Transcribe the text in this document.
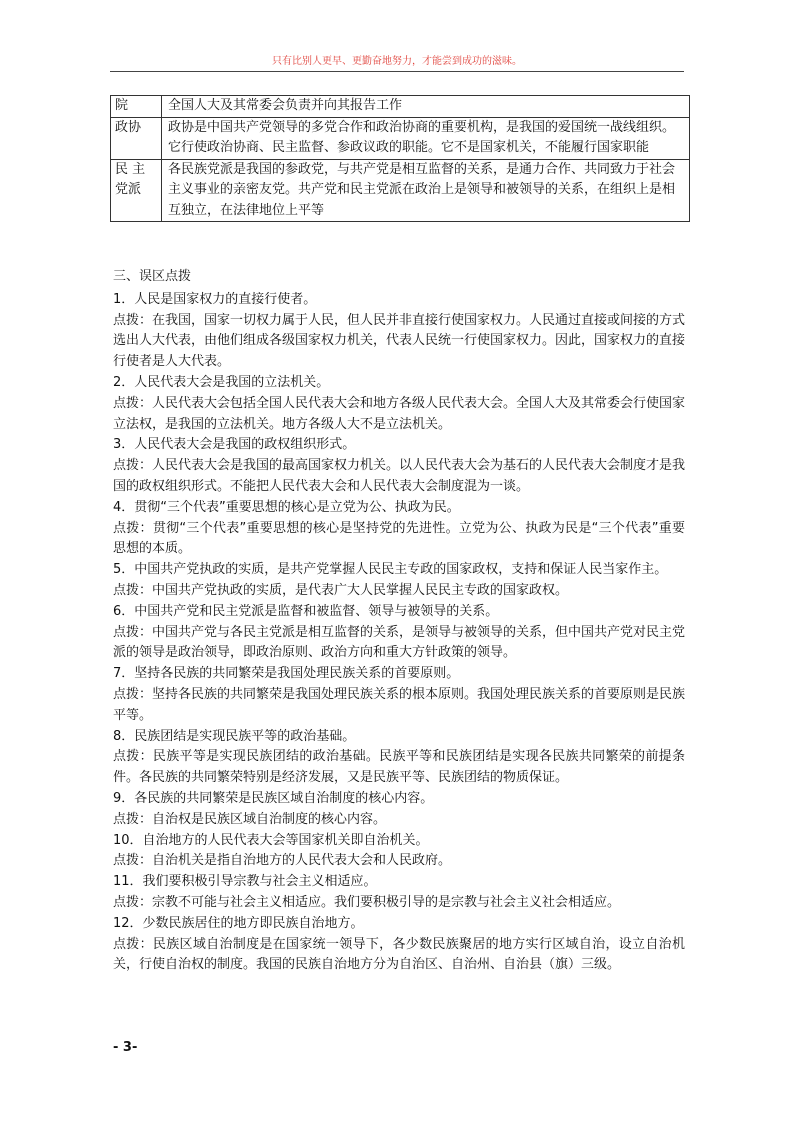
只有比别人更早、更勤奋地努力，才能尝到成功的滋味。
院	全国人大及其常委会负责并向其报告工作
政协	政协是中国共产党领导的多党合作和政治协商的重要机构，是我国的爱国统一战线组织。它行使政治协商、民主监督、参政议政的职能。它不是国家机关，不能履行国家职能
民 主党派	各民族党派是我国的参政党，与共产党是相互监督的关系，是通力合作、共同致力于社会主义事业的亲密友党。共产党和民主党派在政治上是领导和被领导的关系，在组织上是相互独立，在法律地位上平等

三、误区点拨

1．人民是国家权力的直接行使者。

点拨：在我国，国家一切权力属于人民，但人民并非直接行使国家权力。人民通过直接或间接的方式选出人大代表，由他们组成各级国家权力机关，代表人民统一行使国家权力。因此，国家权力的直接行使者是人大代表。

2．人民代表大会是我国的立法机关。

点拨：人民代表大会包括全国人民代表大会和地方各级人民代表大会。全国人大及其常委会行使国家立法权，是我国的立法机关。地方各级人大不是立法机关。

3．人民代表大会是我国的政权组织形式。

点拨：人民代表大会是我国的最高国家权力机关。以人民代表大会为基石的人民代表大会制度才是我国的政权组织形式。不能把人民代表大会和人民代表大会制度混为一谈。

4．贯彻“三个代表”重要思想的核心是立党为公、执政为民。

点拨：贯彻“三个代表”重要思想的核心是坚持党的先进性。立党为公、执政为民是“三个代表”重要思想的本质。

5．中国共产党执政的实质，是共产党掌握人民民主专政的国家政权，支持和保证人民当家作主。

点拨：中国共产党执政的实质，是代表广大人民掌握人民民主专政的国家政权。

6．中国共产党和民主党派是监督和被监督、领导与被领导的关系。

点拨：中国共产党与各民主党派是相互监督的关系，是领导与被领导的关系，但中国共产党对民主党派的领导是政治领导，即政治原则、政治方向和重大方针政策的领导。

7．坚持各民族的共同繁荣是我国处理民族关系的首要原则。

点拨：坚持各民族的共同繁荣是我国处理民族关系的根本原则。我国处理民族关系的首要原则是民族平等。

8．民族团结是实现民族平等的政治基础。

点拨：民族平等是实现民族团结的政治基础。民族平等和民族团结是实现各民族共同繁荣的前提条件。各民族的共同繁荣特别是经济发展，又是民族平等、民族团结的物质保证。

9．各民族的共同繁荣是民族区域自治制度的核心内容。

点拨：自治权是民族区域自治制度的核心内容。

10．自治地方的人民代表大会等国家机关即自治机关。

点拨：自治机关是指自治地方的人民代表大会和人民政府。

11．我们要积极引导宗教与社会主义相适应。

点拨：宗教不可能与社会主义相适应。我们要积极引导的是宗教与社会主义社会相适应。

12．少数民族居住的地方即民族自治地方。

点拨：民族区域自治制度是在国家统一领导下，各少数民族聚居的地方实行区域自治，设立自治机关，行使自治权的制度。我国的民族自治地方分为自治区、自治州、自治县（旗）三级。

- 3-
